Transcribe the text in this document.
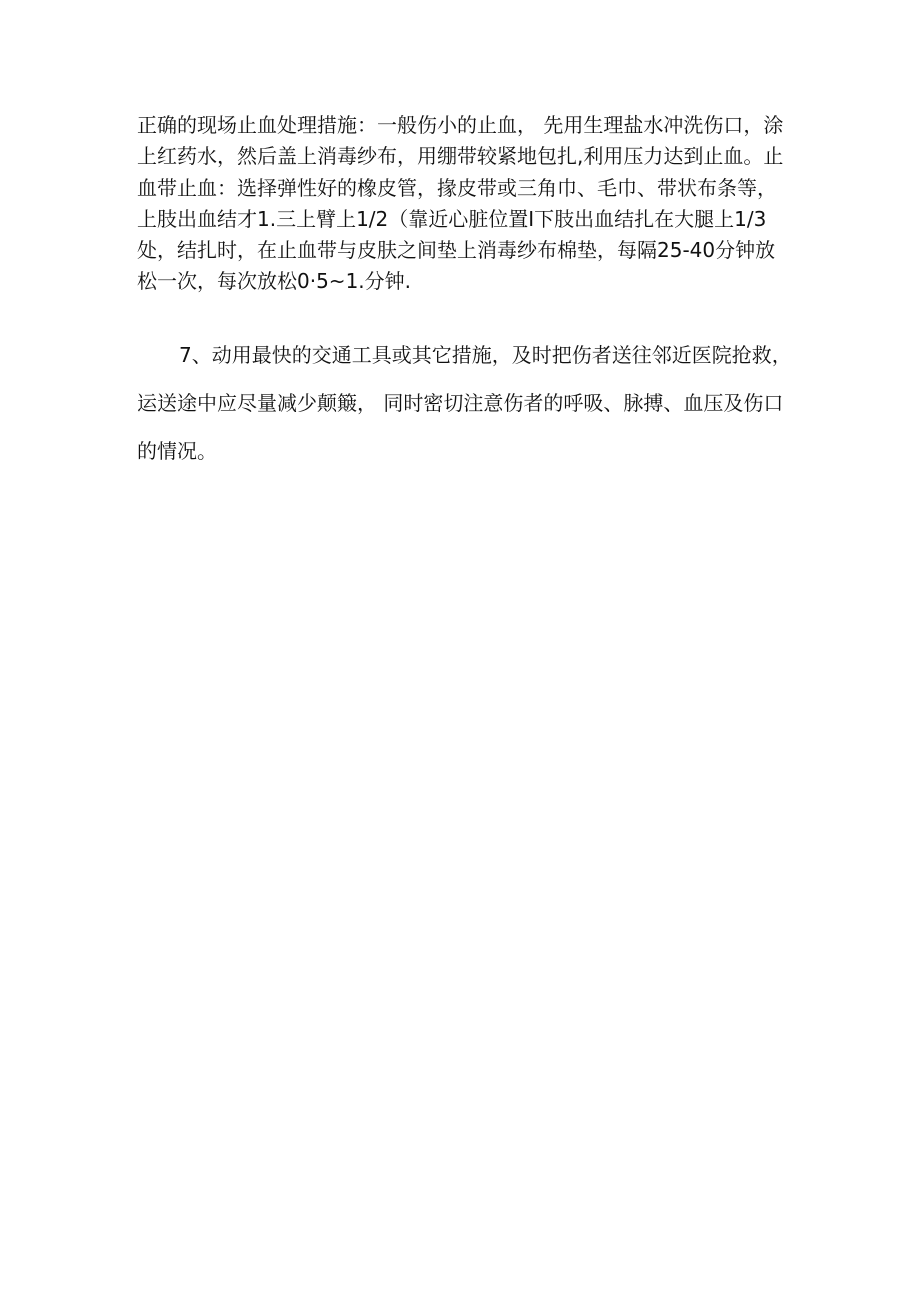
正确的现场止血处理措施：一般伤小的止血， 先用生理盐水冲洗伤口，涂
上红药水，然后盖上消毒纱布，用绷带较紧地包扎,利用压力达到止血。止
血带止血：选择弹性好的橡皮管，掾皮带或三角巾、毛巾、带状布条等，
上肢出血结才1.三上臂上1/2（靠近心脏位置I下肢出血结扎在大腿上1/3
处，结扎时，在止血带与皮肤之间垫上消毒纱布棉垫，每隔25-40分钟放
松一次，每次放松0·5~1.分钟.
7、动用最快的交通工具或其它措施，及时把伤者送往邻近医院抢救，
运送途中应尽量减少颠簸， 同时密切注意伤者的呼吸、脉搏、血压及伤口
的情况。
